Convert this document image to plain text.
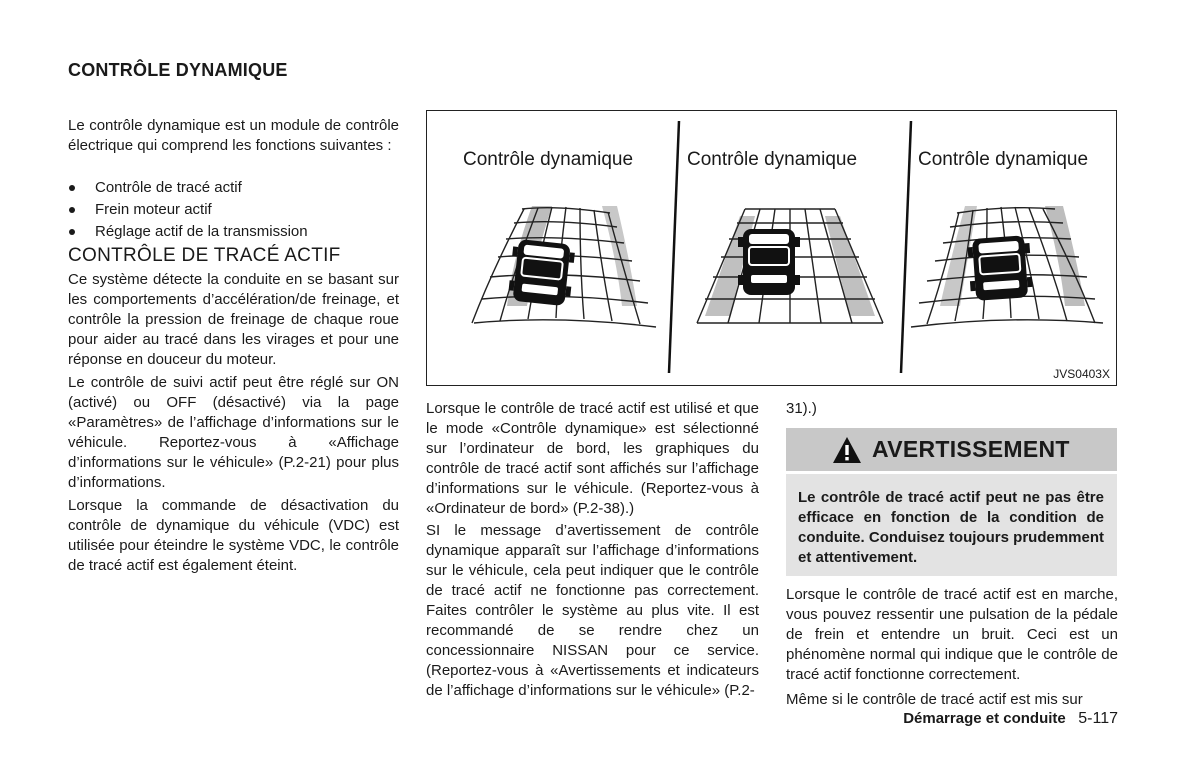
CONTRÔLE DYNAMIQUE

Le contrôle dynamique est un module de contrôle électrique qui comprend les fonctions suivantes :

Contrôle de tracé actif
Frein moteur actif
Réglage actif de la transmission
CONTRÔLE DE TRACÉ ACTIF

Ce système détecte la conduite en se basant sur les comportements d’accélération/de freinage, et contrôle la pression de freinage de chaque roue pour aider au tracé dans les virages et pour une réponse en douceur du moteur.

Le contrôle de suivi actif peut être réglé sur ON (activé) ou OFF (désactivé) via la page «Paramètres» de l’affichage d’informations sur le véhicule. Reportez-vous à «Affichage d’informations sur le véhicule» (P.2-21) pour plus d’informations.

Lorsque la commande de désactivation du contrôle de dynamique du véhicule (VDC) est utilisée pour éteindre le système VDC, le contrôle de tracé actif est également éteint.

Contrôle dynamique	Contrôle dynamique	Contrôle dynamique
JVS0403X

Lorsque le contrôle de tracé actif est utilisé et que le mode «Contrôle dynamique» est sélectionné sur l’ordinateur de bord, les graphiques du contrôle de tracé actif sont affichés sur l’affichage d’informations sur le véhicule. (Reportez-vous à «Ordinateur de bord» (P.2-38).)

SI le message d’avertissement de contrôle dynamique apparaît sur l’affichage d’informations sur le véhicule, cela peut indiquer que le contrôle de tracé actif ne fonctionne pas correctement. Faites contrôler le système au plus vite. Il est recommandé de se rendre chez un concessionnaire NISSAN pour ce service. (Reportez-vous à «Avertissements et indicateurs de l’affichage d’informations sur le véhicule» (P.2-

31).)

AVERTISSEMENT
Le contrôle de tracé actif peut ne pas être efficace en fonction de la condition de conduite. Conduisez toujours prudemment et attentivement.

Lorsque le contrôle de tracé actif est en marche, vous pouvez ressentir une pulsation de la pédale de frein et entendre un bruit. Ceci est un phénomène normal qui indique que le contrôle de tracé actif fonctionne correctement.

Même si le contrôle de tracé actif est mis sur

Démarrage et conduite 5-117
